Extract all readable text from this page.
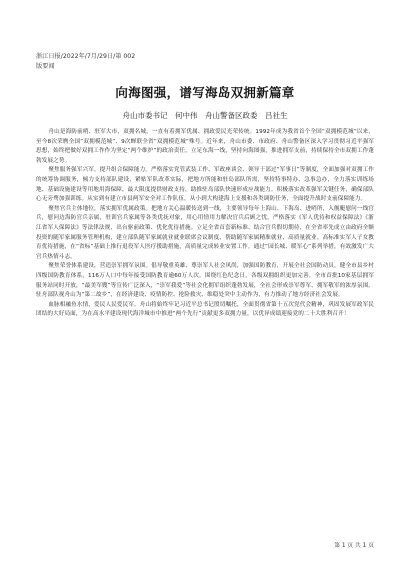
浙江日报/2022年/7月/29日/第 002
版要闻
向海图强，谱写海岛双拥新篇章
舟山市委书记　何中伟　舟山警备区政委　吕社生

舟山是海防前哨、驻军大市，双拥名城，一直有着拥军优属、拥政爱民光荣传统。1992年成为我省首个全国“双拥模范城”以来，至今8次荣膺全国“双拥模范城”、9次蝉联全省“双拥模范城”殊号。近年来，舟山市委、市政府、舟山警备区深入学习贯彻习近平强军思想，始终把做好双拥工作作为坚定“两个维护”的政治责任，立足东海一线，坚持向海图强，推进拥军支前，持续保持全市双拥工作蓬勃发展之势。

聚焦服务强军兴军，提升组合保障能力。严格落实党管武装工作、军政座谈会、领导干部过“军事日”等制度，全面加强对双拥工作的统筹协调服务，倾力支持部队建设，紧贴军队改革实际，把地方所能和驻岛部队所需，坚持特事特办、急事急办，全力落实训练场地、基础设施建设等用地用海保障，最大限度提供财政支持，助推驻岛部队快速形成应战能力。积极落实改革强军关键任务，确保部队心无旁骛加强训练。从实到有建立市县两军安全对工作队伍，从小到大构建海上支援和各类调防任务，全面提升战时支前保障能力。

聚焦官兵主体地位，落实拥军优属政策。把地方关心温暖传送到一线，主要领导每年上海山、下海岛、进哨所，入舰艇慰问一线官兵，慰问边海防官兵亲属，驻训官兵家属等各类优抚对象，用心用情用力解决官兵后顾之忧。严格落实《军人优待和权益保障法》《浙江省军人保障法》等法律法规，出台驱前政策、优化优待措施。立足全省首套新标准、结合官兵假切期待，在全省率先成立由政府全额投资的随军家属服务管理机构，建立部队随军家属就业就业联席会议制度，帮助随军家属精准就业，高质量就业。高标准实军人子女教育优待措施，在“省标”基础上推行退役军人医疗援助措施，高质量完成转业安置工作。通过“园长城、暖军心”系列举措，有效激发广大官兵热情斗志。

聚焦荣誉体系建设，营造崇军拥军氛围。倡导敬重英雄、尊崇军人社会风尚，加强国防教育，开展全社会国防动员，健全市县乡村四级国防教育体系，116万人口中每年接受国防教育逾60万人次。围绕红色纪念日，各级双拥组织更加完善。全市首批10家基层拥军服务站同时开放，“最美军嫂”等宣传广泛深入，“崇军我爱”等社会化拥军组织蓬勃发展，全社会形成崇军尊军、拥军敬军的浓厚氛围。驻舟部队视舟山为“第二故乡”，在经济建设、疫情防控、抢险救灾、维稳处突中主动作为，有力推动了地方经济社会发展。

血脉相融鱼水情，爱民人民爱民军。舟山将始终牢记习近平总书记殷切嘱托，全面贯彻省第十五次党代会精神，巩固发展军政军民团结的大好局面，为在高水平建设现代海洋城市中推进“两个先行”贡献更多双拥力量，以优异成绩迎接党的二十大胜利召开！

第 1 页 共 1 页
